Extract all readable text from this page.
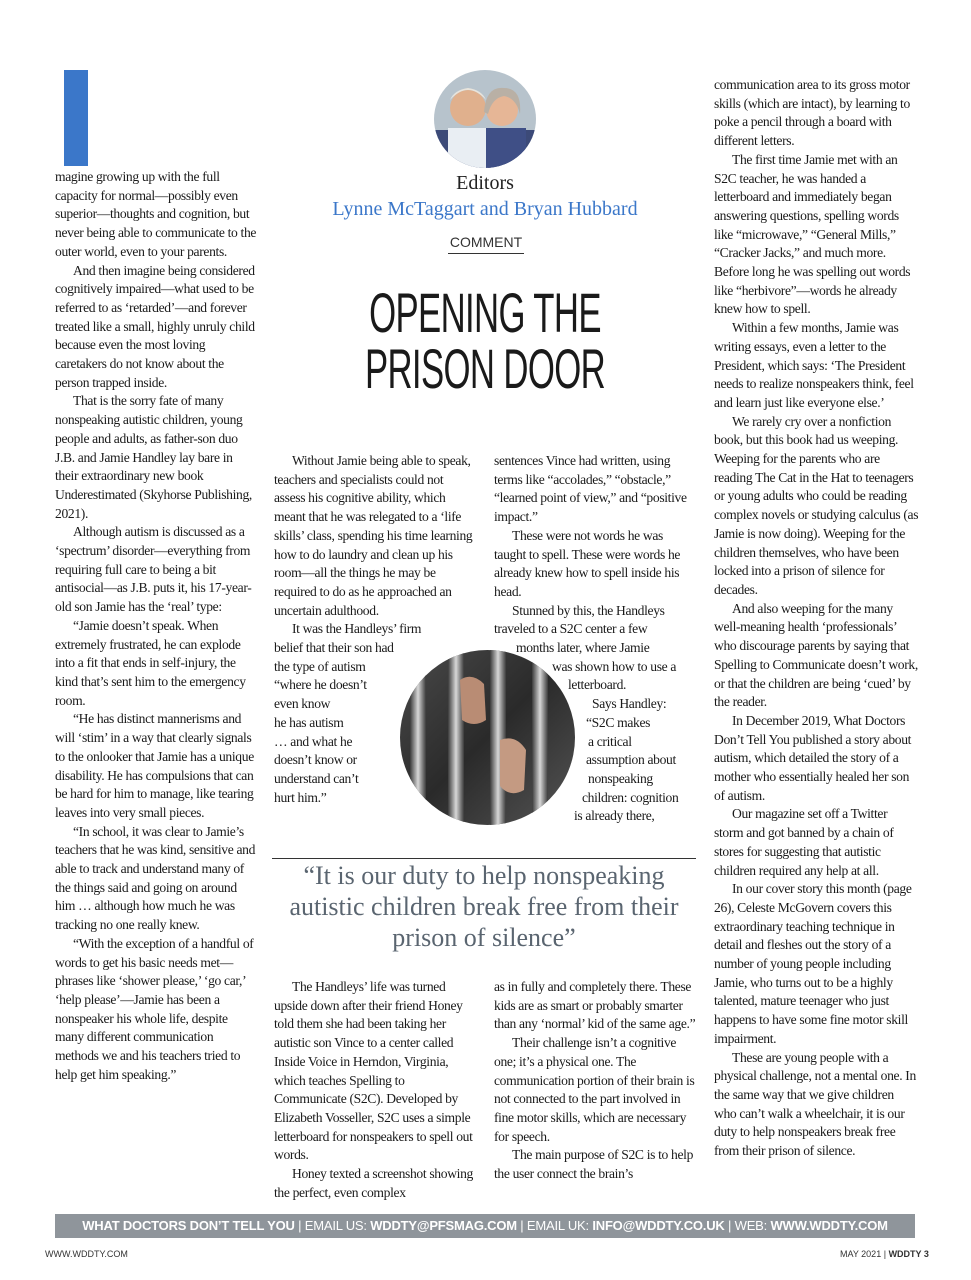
Editors
Lynne McTaggart and Bryan Hubbard
COMMENT
OPENING THE
PRISON DOOR

magine growing up with the full capacity for normal—possibly even superior—thoughts and cognition, but never being able to communicate to the outer world, even to your parents.

And then imagine being considered cognitively impaired—what used to be referred to as ‘retarded’—and forever treated like a small, highly unruly child because even the most loving caretakers do not know about the person trapped inside.

That is the sorry fate of many nonspeaking autistic children, young people and adults, as father-son duo J.B. and Jamie Handley lay bare in their extraordinary new book Underestimated (Skyhorse Publishing, 2021).

Although autism is discussed as a ‘spectrum’ disorder—everything from requiring full care to being a bit antisocial—as J.B. puts it, his 17-year-old son Jamie has the ‘real’ type:

“Jamie doesn’t speak. When extremely frustrated, he can explode into a fit that ends in self-injury, the kind that’s sent him to the emergency room.

“He has distinct mannerisms and will ‘stim’ in a way that clearly signals to the onlooker that Jamie has a unique disability. He has compulsions that can be hard for him to manage, like tearing leaves into very small pieces.

“In school, it was clear to Jamie’s teachers that he was kind, sensitive and able to track and understand many of the things said and going on around him … although how much he was tracking no one really knew.

“With the exception of a handful of words to get his basic needs met—phrases like ‘shower please,’ ‘go car,’ ‘help please’—Jamie has been a nonspeaker his whole life, despite many different communication methods we and his teachers tried to help get him speaking.”

Without Jamie being able to speak, teachers and specialists could not assess his cognitive ability, which meant that he was relegated to a ‘life skills’ class, spending his time learning how to do laundry and clean up his room—all the things he may be required to do as he approached an uncertain adulthood.

It was the Handleys’ firm
belief that their son had
the type of autism
“where he doesn’t
even know
he has autism
… and what he
doesn’t know or
understand can’t
hurt him.”

sentences Vince had written, using terms like “accolades,” “obstacle,” “learned point of view,” and “positive impact.”

These were not words he was taught to spell. These were words he already knew how to spell inside his head.

Stunned by this, the Handleys
traveled to a S2C center a few
months later, where Jamie
was shown how to use a
letterboard.
Says Handley:
“S2C makes
a critical
assumption about
nonspeaking
children: cognition
is already there,
“It is our duty to help nonspeaking autistic children break free from their prison of silence”

The Handleys’ life was turned upside down after their friend Honey told them she had been taking her autistic son Vince to a center called Inside Voice in Herndon, Virginia, which teaches Spelling to Communicate (S2C). Developed by Elizabeth Vosseller, S2C uses a simple letterboard for nonspeakers to spell out words.

Honey texted a screenshot showing the perfect, even complex

as in fully and completely there. These kids are as smart or probably smarter than any ‘normal’ kid of the same age.”

Their challenge isn’t a cognitive one; it’s a physical one. The communication portion of their brain is not connected to the part involved in fine motor skills, which are necessary for speech.

The main purpose of S2C is to help the user connect the brain’s

communication area to its gross motor skills (which are intact), by learning to poke a pencil through a board with different letters.

The first time Jamie met with an S2C teacher, he was handed a letterboard and immediately began answering questions, spelling words like “microwave,” “General Mills,” “Cracker Jacks,” and much more. Before long he was spelling out words like “herbivore”—words he already knew how to spell.

Within a few months, Jamie was writing essays, even a letter to the President, which says: ‘The President needs to realize nonspeakers think, feel and learn just like everyone else.’

We rarely cry over a nonfiction book, but this book had us weeping. Weeping for the parents who are reading The Cat in the Hat to teenagers or young adults who could be reading complex novels or studying calculus (as Jamie is now doing). Weeping for the children themselves, who have been locked into a prison of silence for decades.

And also weeping for the many well-meaning health ‘professionals’ who discourage parents by saying that Spelling to Communicate doesn’t work, or that the children are being ‘cued’ by the reader.

In December 2019, What Doctors Don’t Tell You published a story about autism, which detailed the story of a mother who essentially healed her son of autism.

Our magazine set off a Twitter storm and got banned by a chain of stores for suggesting that autistic children required any help at all.

In our cover story this month (page 26), Celeste McGovern covers this extraordinary teaching technique in detail and fleshes out the story of a number of young people including Jamie, who turns out to be a highly talented, mature teenager who just happens to have some fine motor skill impairment.

These are young people with a physical challenge, not a mental one. In the same way that we give children who can’t walk a wheelchair, it is our duty to help nonspeakers break free from their prison of silence.

WHAT DOCTORS DON’T TELL YOU | EMAIL US: WDDTY@PFSMAG.COM | EMAIL UK: INFO@WDDTY.CO.UK | WEB: WWW.WDDTY.COM
WWW.WDDTY.COM	MAY 2021 | WDDTY 3
